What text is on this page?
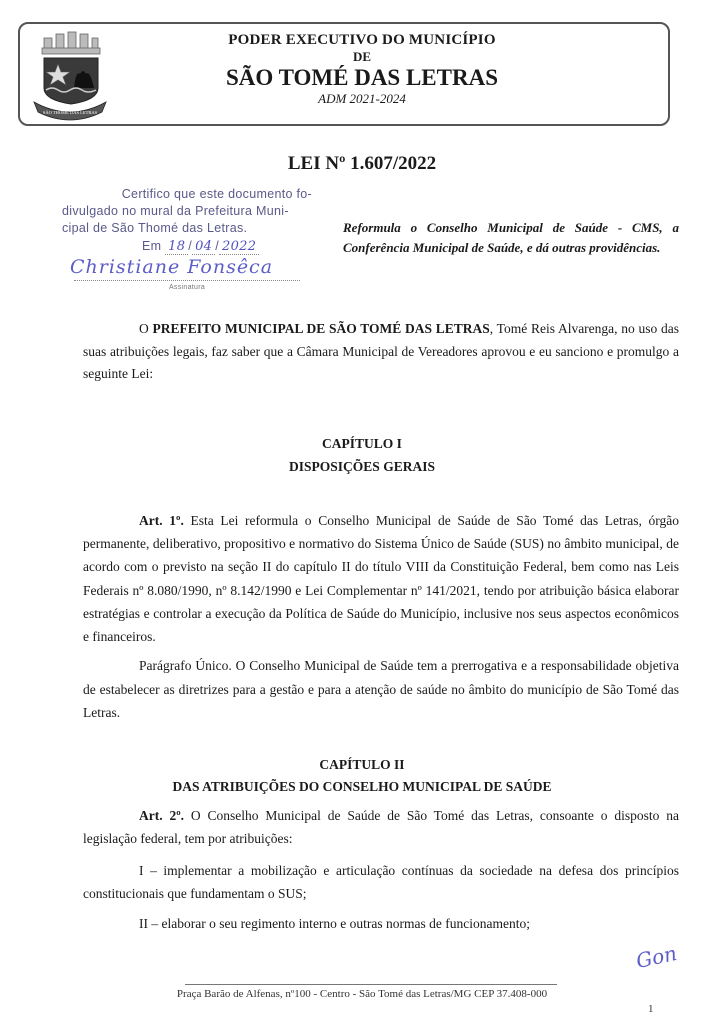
SÃO THOMÉ DAS LETRAS
PODER EXECUTIVO DO MUNICÍPIO
DE
SÃO TOMÉ DAS LETRAS
ADM 2021-2024
LEI Nº 1.607/2022
Certifico que este documento fo-
divulgado no mural da Prefeitura Muni-
cipal de São Thomé das Letras.
Em 18 / 04 / 2022
Christiane Fonsêca
Assinatura
Reformula o Conselho Municipal de Saúde - CMS, a Conferência Municipal de Saúde, e dá outras providências.
O PREFEITO MUNICIPAL DE SÃO TOMÉ DAS LETRAS, Tomé Reis Alvarenga, no uso das suas atribuições legais, faz saber que a Câmara Municipal de Vereadores aprovou e eu sanciono e promulgo a seguinte Lei:
CAPÍTULO I
DISPOSIÇÕES GERAIS
Art. 1º. Esta Lei reformula o Conselho Municipal de Saúde de São Tomé das Letras, órgão permanente, deliberativo, propositivo e normativo do Sistema Único de Saúde (SUS) no âmbito municipal, de acordo com o previsto na seção II do capítulo II do título VIII da Constituição Federal, bem como nas Leis Federais nº 8.080/1990, nº 8.142/1990 e Lei Complementar nº 141/2021, tendo por atribuição básica elaborar estratégias e controlar a execução da Política de Saúde do Município, inclusive nos seus aspectos econômicos e financeiros.
Parágrafo Único. O Conselho Municipal de Saúde tem a prerrogativa e a responsabilidade objetiva de estabelecer as diretrizes para a gestão e para a atenção de saúde no âmbito do município de São Tomé das Letras.
CAPÍTULO II
DAS ATRIBUIÇÕES DO CONSELHO MUNICIPAL DE SAÚDE
Art. 2º. O Conselho Municipal de Saúde de São Tomé das Letras, consoante o disposto na legislação federal, tem por atribuições:
I – implementar a mobilização e articulação contínuas da sociedade na defesa dos princípios constitucionais que fundamentam o SUS;
II – elaborar o seu regimento interno e outras normas de funcionamento;
Gon
Praça Barão de Alfenas, nº100 - Centro - São Tomé das Letras/MG CEP 37.408-000
1
